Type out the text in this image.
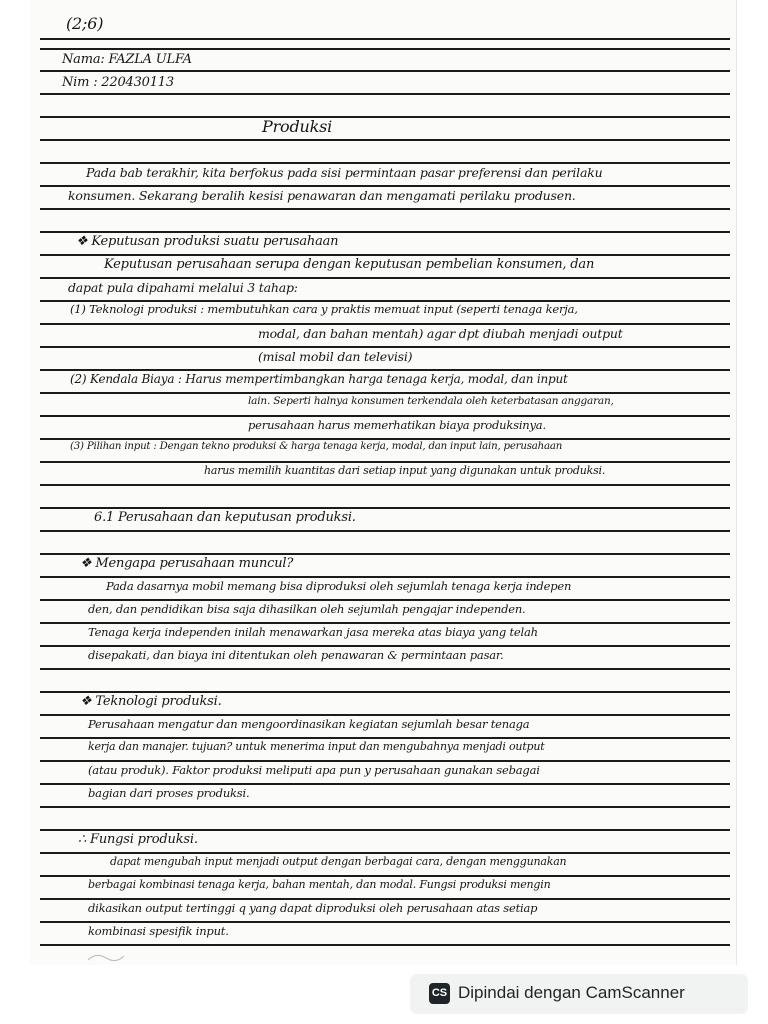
(2;6)
Nama: FAZLA ULFA
Nim : 220430113
Produksi
Pada bab terakhir, kita berfokus pada sisi permintaan pasar preferensi dan perilaku
konsumen. Sekarang beralih kesisi penawaran dan mengamati perilaku produsen.
❖ Keputusan produksi suatu perusahaan
Keputusan perusahaan serupa dengan keputusan pembelian konsumen, dan
dapat pula dipahami melalui 3 tahap:
(1) Teknologi produksi : membutuhkan cara y praktis memuat input (seperti tenaga kerja,
modal, dan bahan mentah) agar dpt diubah menjadi output
(misal mobil dan televisi)
(2) Kendala Biaya : Harus mempertimbangkan harga tenaga kerja, modal, dan input
lain. Seperti halnya konsumen terkendala oleh keterbatasan anggaran,
perusahaan harus memerhatikan biaya produksinya.
(3) Pilihan input : Dengan tekno produksi & harga tenaga kerja, modal, dan input lain, perusahaan
harus memilih kuantitas dari setiap input yang digunakan untuk produksi.
6.1 Perusahaan dan keputusan produksi.
❖ Mengapa perusahaan muncul?
Pada dasarnya mobil memang bisa diproduksi oleh sejumlah tenaga kerja indepen
den, dan pendidikan bisa saja dihasilkan oleh sejumlah pengajar independen.
Tenaga kerja independen inilah menawarkan jasa mereka atas biaya yang telah
disepakati, dan biaya ini ditentukan oleh penawaran & permintaan pasar.
❖ Teknologi produksi.
Perusahaan mengatur dan mengoordinasikan kegiatan sejumlah besar tenaga
kerja dan manajer. tujuan? untuk menerima input dan mengubahnya menjadi output
(atau produk). Faktor produksi meliputi apa pun y perusahaan gunakan sebagai
bagian dari proses produksi.
∴ Fungsi produksi.
dapat mengubah input menjadi output dengan berbagai cara, dengan menggunakan
berbagai kombinasi tenaga kerja, bahan mentah, dan modal. Fungsi produksi mengin
dikasikan output tertinggi q yang dapat diproduksi oleh perusahaan atas setiap
kombinasi spesifik input.
CS Dipindai dengan CamScanner
